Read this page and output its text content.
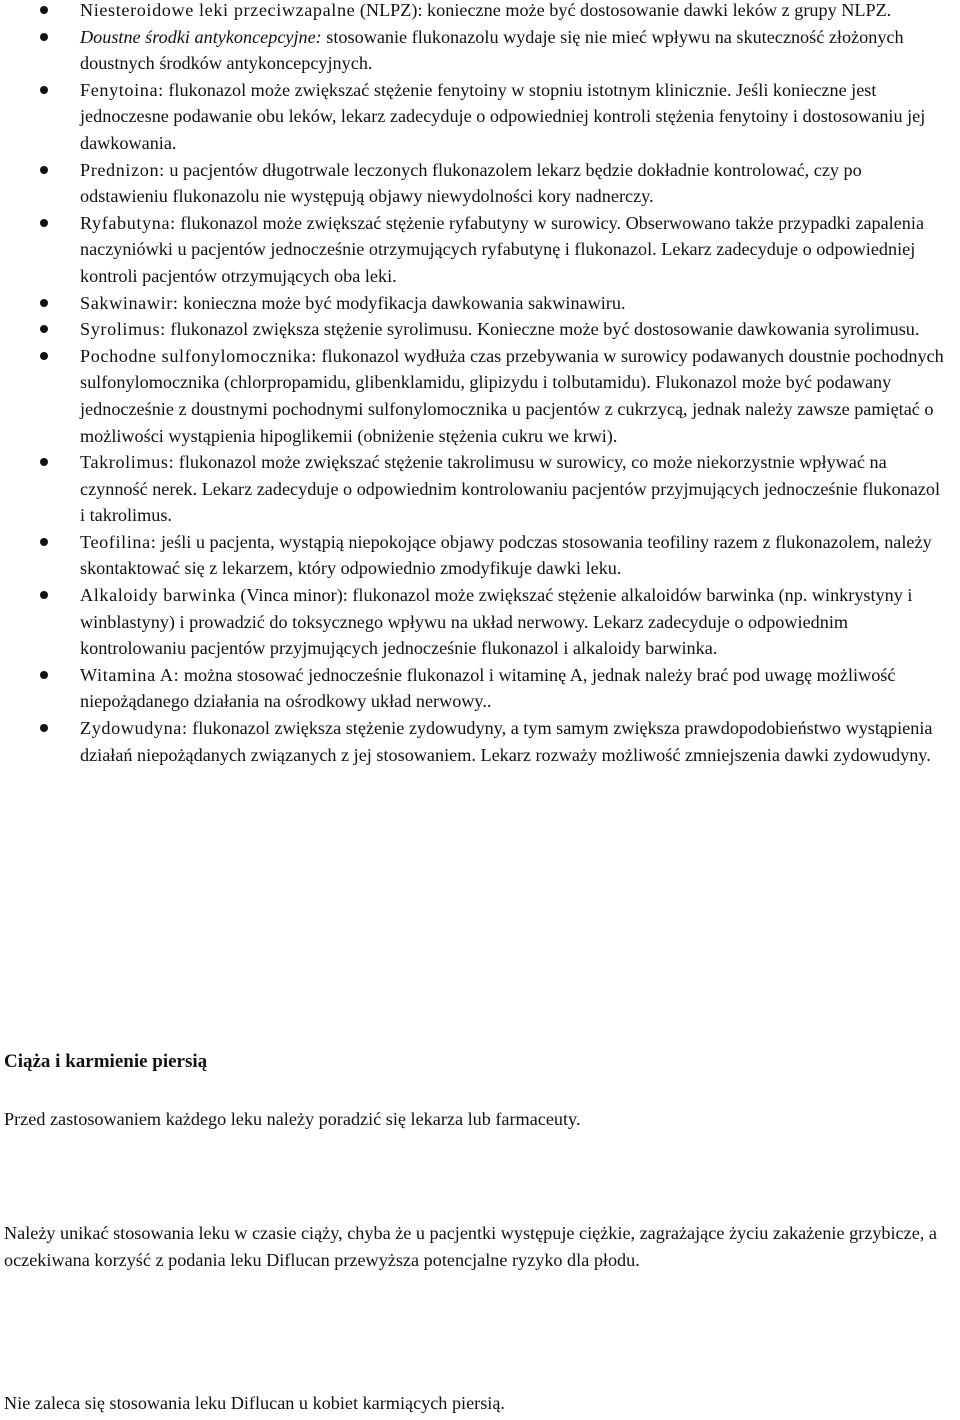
Niesteroidowe leki przeciwzapalne (NLPZ): konieczne może być dostosowanie dawki leków z grupy NLPZ.
Doustne środki antykoncepcyjne: stosowanie flukonazolu wydaje się nie mieć wpływu na skuteczność złożonych doustnych środków antykoncepcyjnych.
Fenytoina: flukonazol może zwiększać stężenie fenytoiny w stopniu istotnym klinicznie. Jeśli konieczne jest jednoczesne podawanie obu leków, lekarz zadecyduje o odpowiedniej kontroli stężenia fenytoiny i dostosowaniu jej dawkowania.
Prednizon: u pacjentów długotrwale leczonych flukonazolem lekarz będzie dokładnie kontrolować, czy po odstawieniu flukonazolu nie występują objawy niewydolności kory nadnerczy.
Ryfabutyna: flukonazol może zwiększać stężenie ryfabutyny w surowicy. Obserwowano także przypadki zapalenia naczyniówki u pacjentów jednocześnie otrzymujących ryfabutynę i flukonazol. Lekarz zadecyduje o odpowiedniej kontroli pacjentów otrzymujących oba leki.
Sakwinawir: konieczna może być modyfikacja dawkowania sakwinawiru.
Syrolimus: flukonazol zwiększa stężenie syrolimusu. Konieczne może być dostosowanie dawkowania syrolimusu.
Pochodne sulfonylomocznika: flukonazol wydłuża czas przebywania w surowicy podawanych doustnie pochodnych sulfonylomocznika (chlorpropamidu, glibenklamidu, glipizydu i tolbutamidu). Flukonazol może być podawany jednocześnie z doustnymi pochodnymi sulfonylomocznika u pacjentów z cukrzycą, jednak należy zawsze pamiętać o możliwości wystąpienia hipoglikemii (obniżenie stężenia cukru we krwi).
Takrolimus: flukonazol może zwiększać stężenie takrolimusu w surowicy, co może niekorzystnie wpływać na czynność nerek. Lekarz zadecyduje o odpowiednim kontrolowaniu pacjentów przyjmujących jednocześnie flukonazol i takrolimus.
Teofilina: jeśli u pacjenta, wystąpią niepokojące objawy podczas stosowania teofiliny razem z flukonazolem, należy skontaktować się z lekarzem, który odpowiednio zmodyfikuje dawki leku.
Alkaloidy barwinka (Vinca minor): flukonazol może zwiększać stężenie alkaloidów barwinka (np. winkrystyny i winblastyny) i prowadzić do toksycznego wpływu na układ nerwowy. Lekarz zadecyduje o odpowiednim kontrolowaniu pacjentów przyjmujących jednocześnie flukonazol i alkaloidy barwinka.
Witamina A: można stosować jednocześnie flukonazol i witaminę A, jednak należy brać pod uwagę możliwość niepożądanego działania na ośrodkowy układ nerwowy..
Zydowudyna: flukonazol zwiększa stężenie zydowudyny, a tym samym zwiększa prawdopodobieństwo wystąpienia działań niepożądanych związanych z jej stosowaniem. Lekarz rozważy możliwość zmniejszenia dawki zydowudyny.
Ciąża i karmienie piersią

Przed zastosowaniem każdego leku należy poradzić się lekarza lub farmaceuty.

Należy unikać stosowania leku w czasie ciąży, chyba że u pacjentki występuje ciężkie, zagrażające życiu zakażenie grzybicze, a oczekiwana korzyść z podania leku Diflucan przewyższa potencjalne ryzyko dla płodu.

Nie zaleca się stosowania leku Diflucan u kobiet karmiących piersią.
